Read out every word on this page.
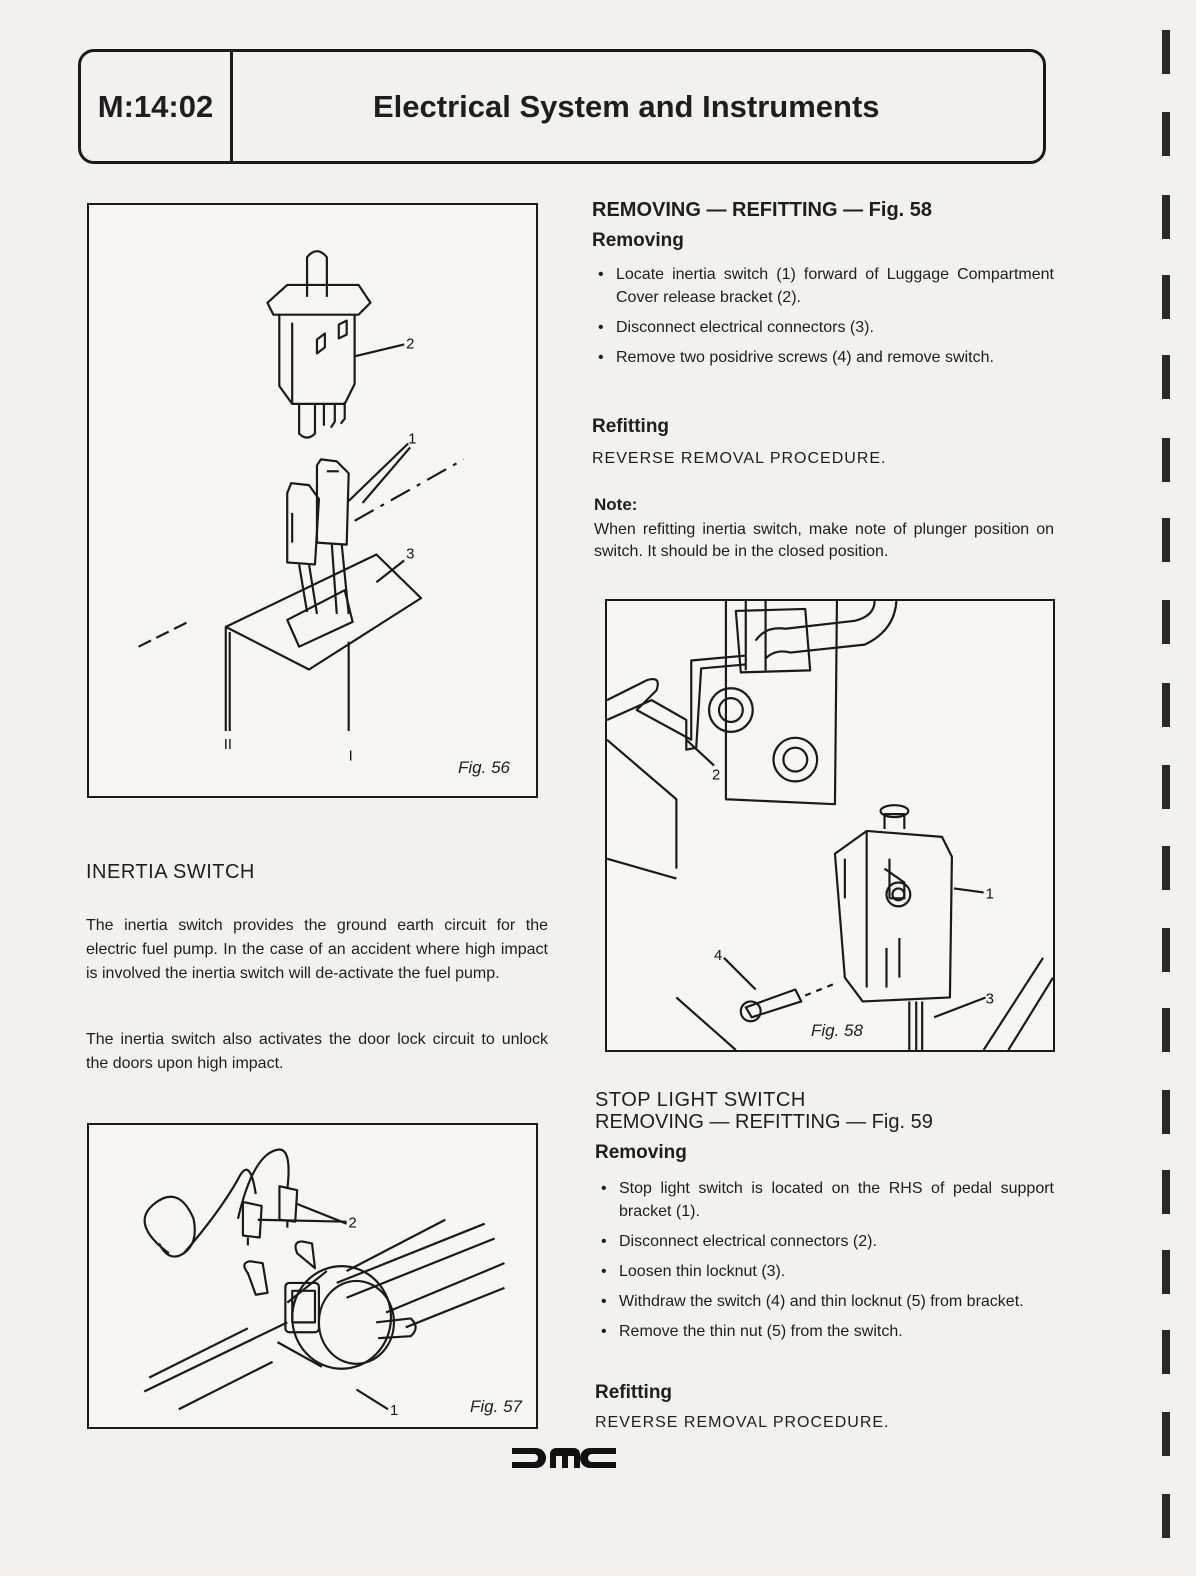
M:14:02	Electrical System and Instruments
2
1
3
II
I
Fig. 56
INERTIA SWITCH

The inertia switch provides the ground earth circuit for the electric fuel pump. In the case of an accident where high impact is involved the inertia switch will de-activate the fuel pump.

The inertia switch also activates the door lock circuit to unlock the doors upon high impact.

2
1	Fig. 57
REMOVING — REFITTING — Fig. 58
Removing
• Locate inertia switch (1) forward of Luggage Compartment Cover release bracket (2).
• Disconnect electrical connectors (3).
• Remove two posidrive screws (4) and remove switch.
Refitting
REVERSE REMOVAL PROCEDURE.
Note:

When refitting inertia switch, make note of plunger position on switch. It should be in the closed position.

2
1
4
3
Fig. 58
STOP LIGHT SWITCH
REMOVING — REFITTING — Fig. 59
Removing
• Stop light switch is located on the RHS of pedal support bracket (1).
• Disconnect electrical connectors (2).
• Loosen thin locknut (3).
• Withdraw the switch (4) and thin locknut (5) from bracket.
• Remove the thin nut (5) from the switch.
Refitting
REVERSE REMOVAL PROCEDURE.
